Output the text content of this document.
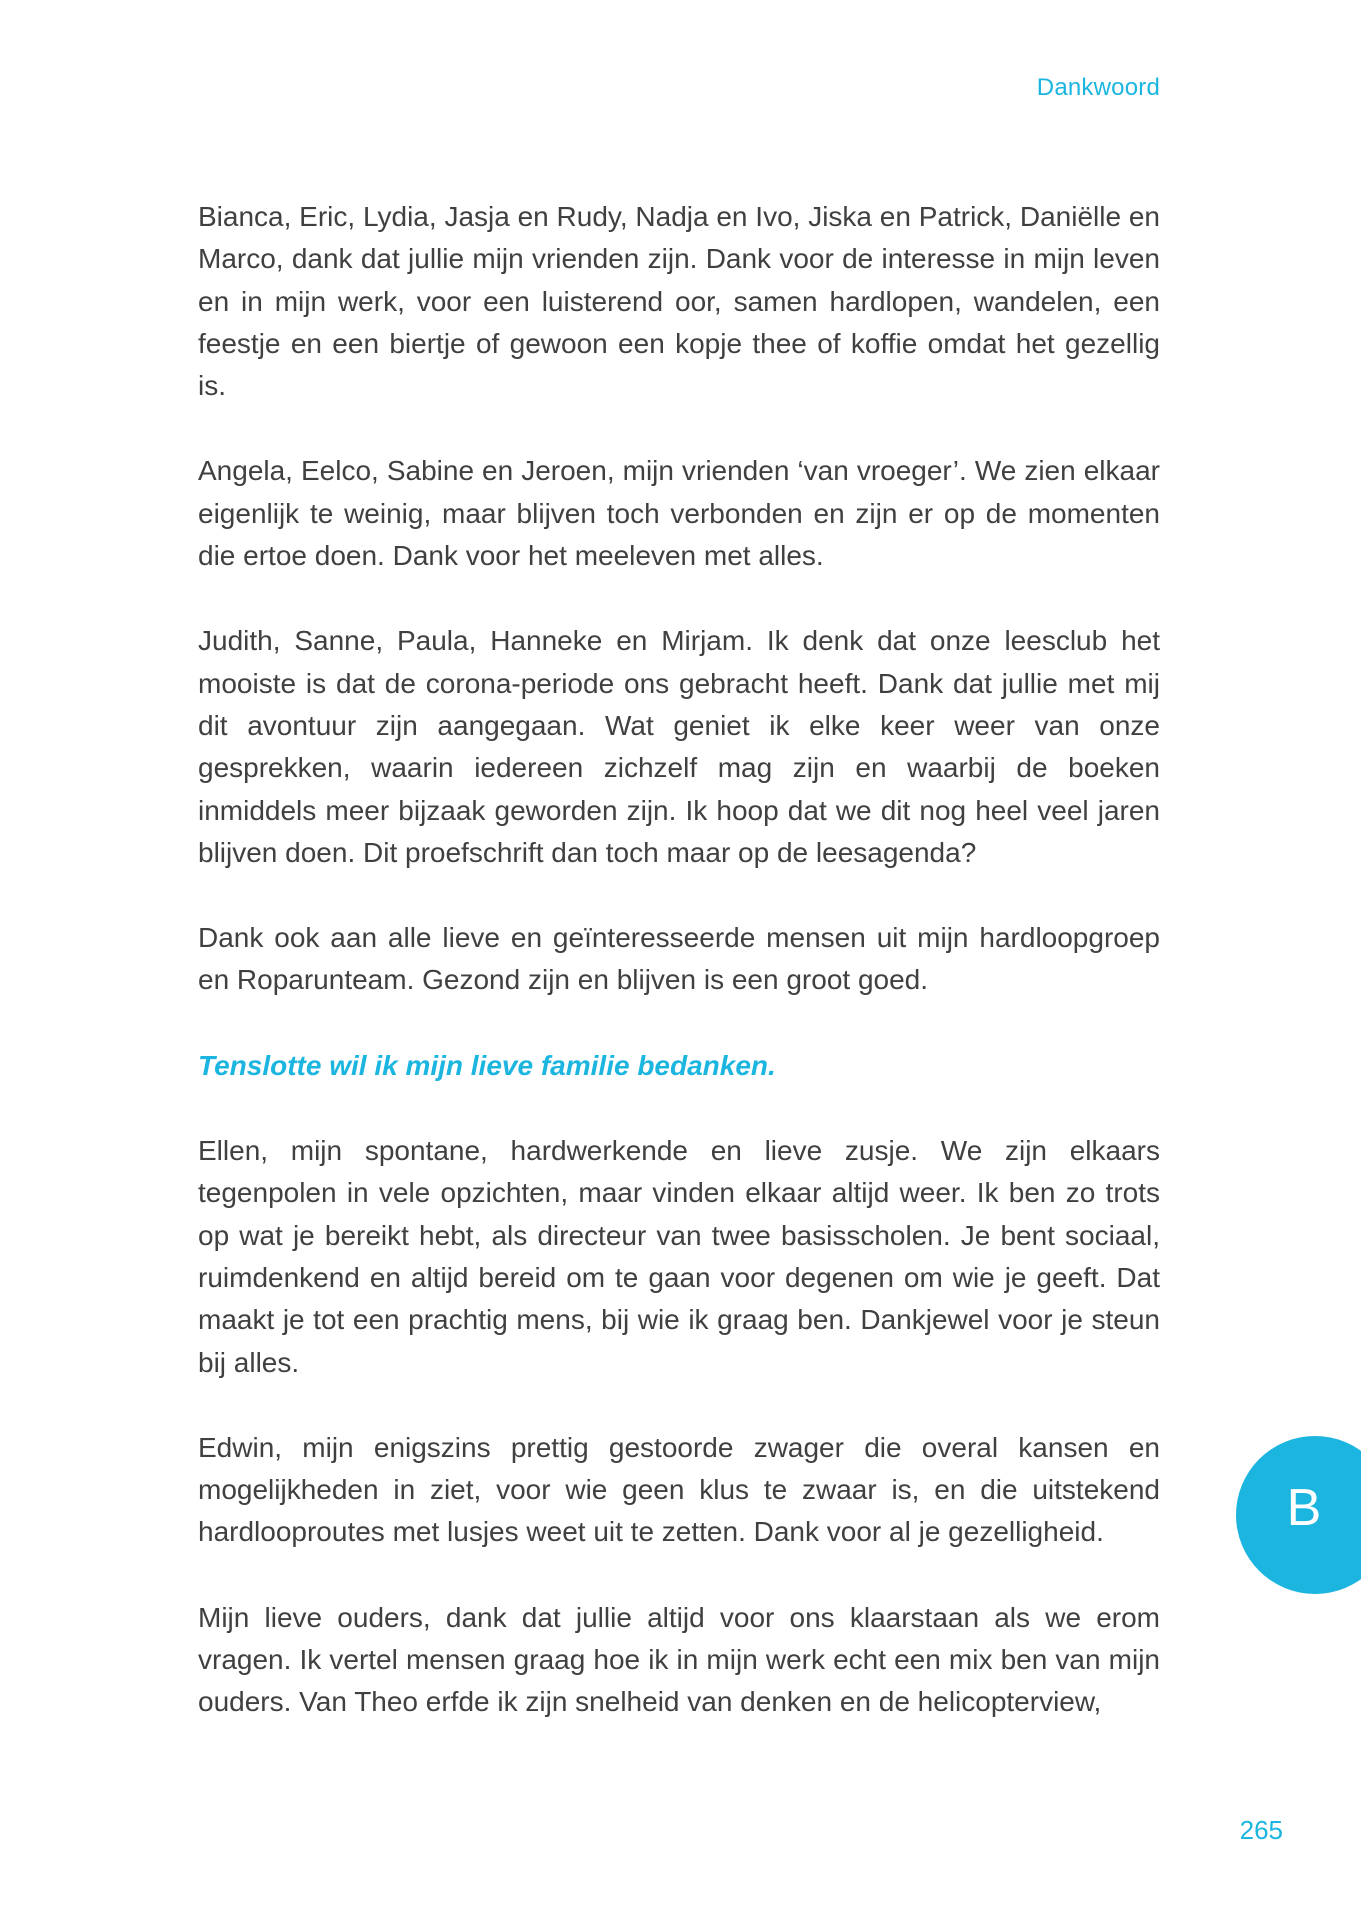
Dankwoord

Bianca, Eric, Lydia, Jasja en Rudy, Nadja en Ivo, Jiska en Patrick, Daniëlle en Marco, dank dat jullie mijn vrienden zijn. Dank voor de interesse in mijn leven en in mijn werk, voor een luisterend oor, samen hardlopen, wandelen, een feestje en een biertje of gewoon een kopje thee of koffie omdat het gezellig is.

Angela, Eelco, Sabine en Jeroen, mijn vrienden ‘van vroeger’. We zien elkaar eigenlijk te weinig, maar blijven toch verbonden en zijn er op de momenten die ertoe doen. Dank voor het meeleven met alles.

Judith, Sanne, Paula, Hanneke en Mirjam. Ik denk dat onze leesclub het mooiste is dat de corona-periode ons gebracht heeft. Dank dat jullie met mij dit avontuur zijn aangegaan. Wat geniet ik elke keer weer van onze gesprekken, waarin iedereen zichzelf mag zijn en waarbij de boeken inmiddels meer bijzaak geworden zijn. Ik hoop dat we dit nog heel veel jaren blijven doen. Dit proefschrift dan toch maar op de leesagenda?

Dank ook aan alle lieve en geïnteresseerde mensen uit mijn hardloopgroep en Roparunteam. Gezond zijn en blijven is een groot goed.

Tenslotte wil ik mijn lieve familie bedanken.

Ellen, mijn spontane, hardwerkende en lieve zusje. We zijn elkaars tegenpolen in vele opzichten, maar vinden elkaar altijd weer. Ik ben zo trots op wat je bereikt hebt, als directeur van twee basisscholen. Je bent sociaal, ruimdenkend en altijd bereid om te gaan voor degenen om wie je geeft. Dat maakt je tot een prachtig mens, bij wie ik graag ben. Dankjewel voor je steun bij alles.

Edwin, mijn enigszins prettig gestoorde zwager die overal kansen en mogelijkheden in ziet, voor wie geen klus te zwaar is, en die uitstekend hardlooproutes met lusjes weet uit te zetten. Dank voor al je gezelligheid.

Mijn lieve ouders, dank dat jullie altijd voor ons klaarstaan als we erom vragen. Ik vertel mensen graag hoe ik in mijn werk echt een mix ben van mijn ouders. Van Theo erfde ik zijn snelheid van denken en de helicopterview,

B
265
